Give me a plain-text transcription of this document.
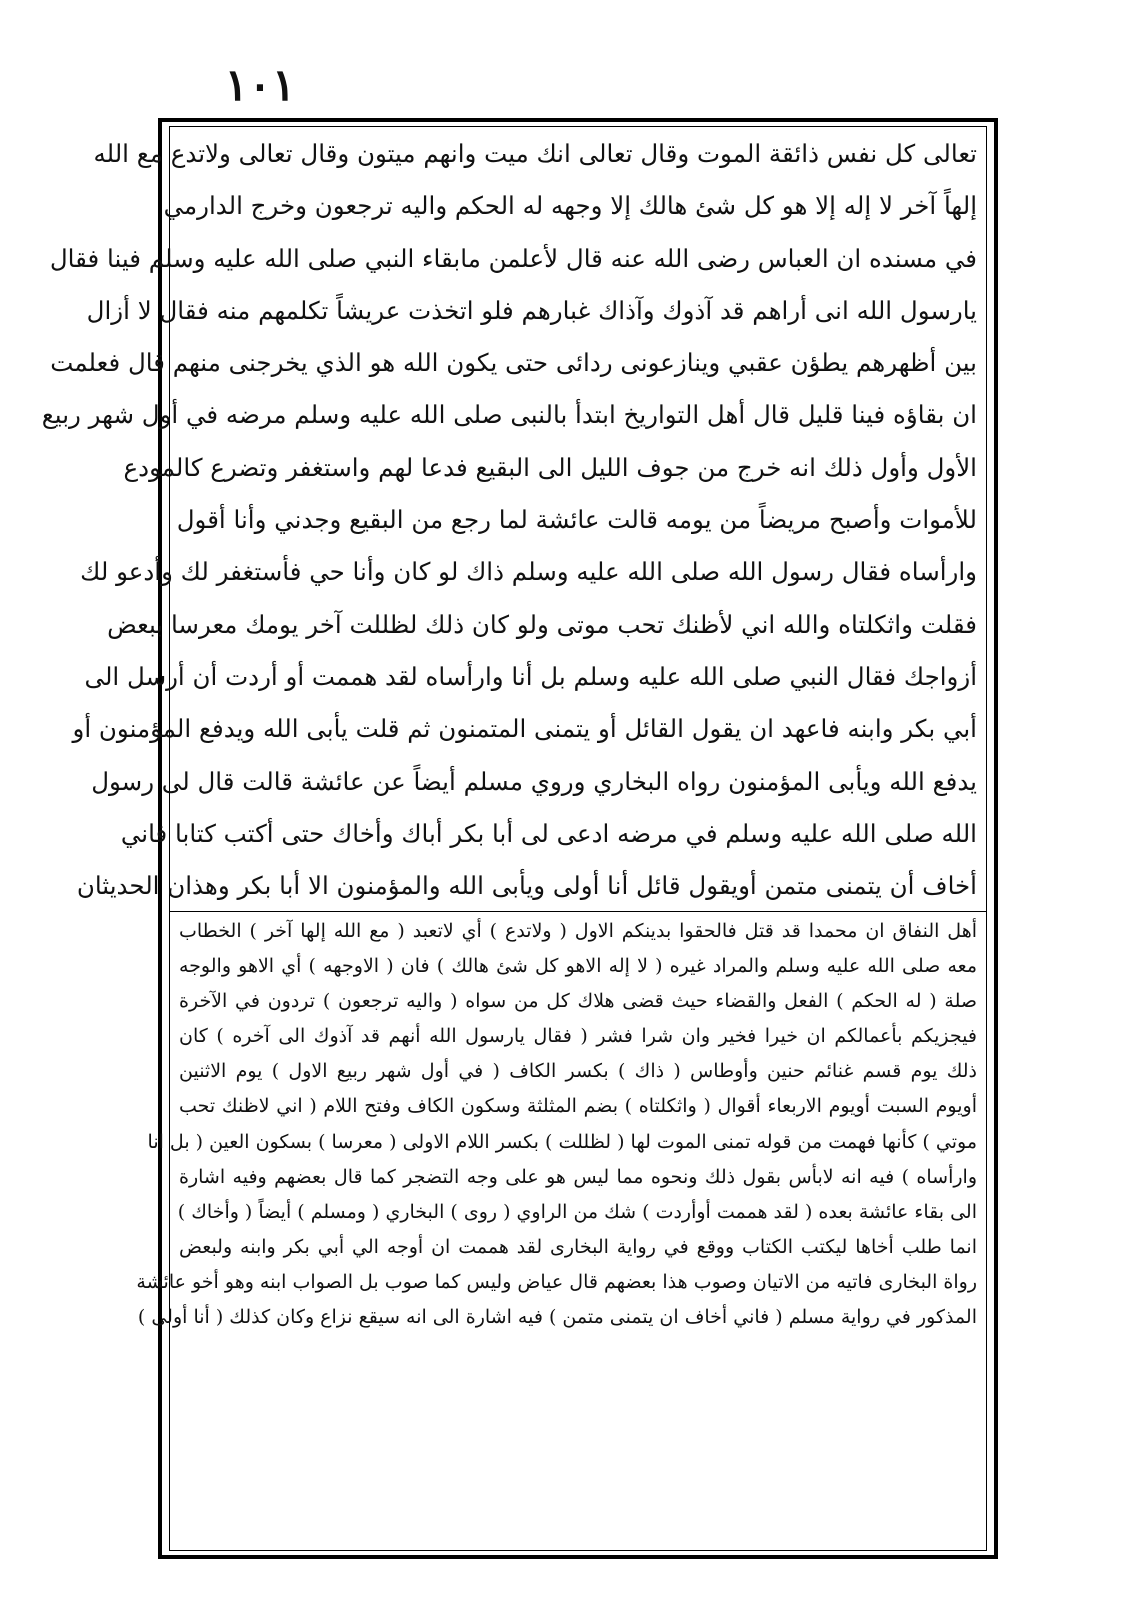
١٠١
تعالى كل نفس ذائقة الموت وقال تعالى انك ميت وانهم ميتون وقال تعالى ولاتدع مع الله
إلهاً آخر لا إله إلا هو كل شئ هالك إلا وجهه له الحكم واليه ترجعون وخرج الدارمي
في مسنده ان العباس رضى الله عنه قال لأعلمن مابقاء النبي صلى الله عليه وسلم فينا فقال
يارسول الله انى أراهم قد آذوك وآذاك غبارهم فلو اتخذت عريشاً تكلمهم منه فقال لا أزال
بين أظهرهم يطؤن عقبي وينازعونى ردائى حتى يكون الله هو الذي يخرجنى منهم قال فعلمت
ان بقاؤه فينا قليل قال أهل التواريخ ابتدأ بالنبى صلى الله عليه وسلم مرضه في أول شهر ربيع
الأول وأول ذلك انه خرج من جوف الليل الى البقيع فدعا لهم واستغفر وتضرع كالمودع
للأموات وأصبح مريضاً من يومه قالت عائشة لما رجع من البقيع وجدني وأنا أقول
وارأساه فقال رسول الله صلى الله عليه وسلم ذاك لو كان وأنا حي فأستغفر لك وأدعو لك
فقلت واثكلتاه والله اني لأظنك تحب موتى ولو كان ذلك لظللت آخر يومك معرسا ببعض
أزواجك فقال النبي صلى الله عليه وسلم بل أنا وارأساه لقد هممت أو أردت أن أرسل الى
أبي بكر وابنه فاعهد ان يقول القائل أو يتمنى المتمنون ثم قلت يأبى الله ويدفع المؤمنون أو
يدفع الله ويأبى المؤمنون رواه البخاري وروي مسلم أيضاً عن عائشة قالت قال لى رسول
الله صلى الله عليه وسلم في مرضه ادعى لى أبا بكر أباك وأخاك حتى أكتب كتابا فاني
أخاف أن يتمنى متمن أويقول قائل أنا أولى ويأبى الله والمؤمنون الا أبا بكر وهذان الحديثان
أهل النفاق ان محمدا قد قتل فالحقوا بدينكم الاول ( ولاتدع ) أي لاتعبد ( مع الله إلها آخر ) الخطاب
معه صلى الله عليه وسلم والمراد غيره ( لا إله الاهو كل شئ هالك ) فان ( الاوجهه ) أي الاهو والوجه
صلة ( له الحكم ) الفعل والقضاء حيث قضى هلاك كل من سواه ( واليه ترجعون ) تردون في الآخرة
فيجزيكم بأعمالكم ان خيرا فخير وان شرا فشر ( فقال يارسول الله أنهم قد آذوك الى آخره ) كان
ذلك يوم قسم غنائم حنين وأوطاس ( ذاك ) بكسر الكاف ( في أول شهر ربيع الاول ) يوم الاثنين
أويوم السبت أويوم الاربعاء أقوال ( واثكلتاه ) بضم المثلثة وسكون الكاف وفتح اللام ( اني لاظنك تحب
موتي ) كأنها فهمت من قوله تمنى الموت لها ( لظللت ) بكسر اللام الاولى ( معرسا ) بسكون العين ( بل انا
وارأساه ) فيه انه لابأس بقول ذلك ونحوه مما ليس هو على وجه التضجر كما قال بعضهم وفيه اشارة
الى بقاء عائشة بعده ( لقد هممت أوأردت ) شك من الراوي ( روى ) البخاري ( ومسلم ) أيضاً ( وأخاك )
انما طلب أخاها ليكتب الكتاب ووقع في رواية البخارى لقد هممت ان أوجه الي أبي بكر وابنه ولبعض
رواة البخارى فاتيه من الاتيان وصوب هذا بعضهم قال عياض وليس كما صوب بل الصواب ابنه وهو أخو عائشة
المذكور في رواية مسلم ( فاني أخاف ان يتمنى متمن ) فيه اشارة الى انه سيقع نزاع وكان كذلك ( أنا أولى )
